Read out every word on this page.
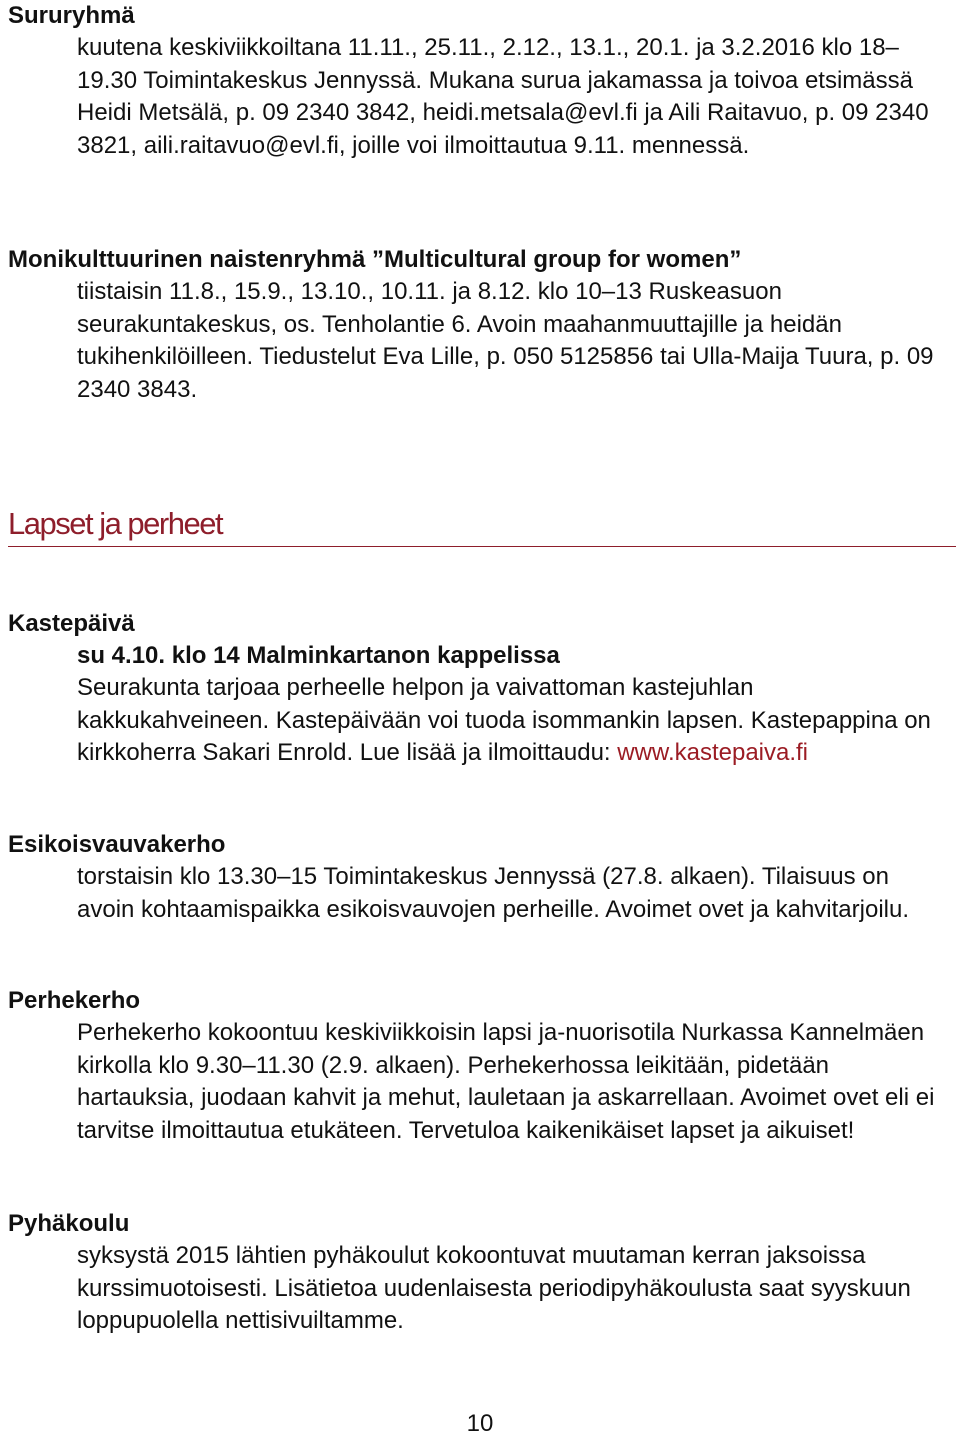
Sururyhmä

kuutena keskiviikkoiltana 11.11., 25.11., 2.12., 13.1., 20.1. ja 3.2.2016 klo 18–19.30 Toimintakeskus Jennyssä. Mukana surua jakamassa ja toivoa etsimässä Heidi Metsälä, p. 09 2340 3842, heidi.metsala@evl.fi ja Aili Raitavuo, p. 09 2340 3821, aili.raitavuo@evl.fi, joille voi ilmoittautua 9.11. mennessä.

Monikulttuurinen naistenryhmä ”Multicultural group for women”

tiistaisin 11.8., 15.9., 13.10., 10.11. ja 8.12. klo 10–13 Ruskeasuon seurakuntakeskus, os. Tenholantie 6. Avoin maahanmuuttajille ja heidän tukihenkilöilleen. Tiedustelut Eva Lille, p. 050 5125856 tai Ulla-Maija Tuura, p. 09 2340 3843.

Lapset ja perheet

Kastepäivä

su 4.10. klo 14 Malminkartanon kappelissa

Seurakunta tarjoaa perheelle helpon ja vaivattoman kastejuhlan kakkukahveineen. Kastepäivään voi tuoda isommankin lapsen. Kastepappina on kirkkoherra Sakari Enrold. Lue lisää ja ilmoittaudu: www.kastepaiva.fi

Esikoisvauvakerho

torstaisin klo 13.30–15 Toimintakeskus Jennyssä (27.8. alkaen). Tilaisuus on avoin kohtaamispaikka esikoisvauvojen perheille. Avoimet ovet ja kahvitarjoilu.

Perhekerho

Perhekerho kokoontuu keskiviikkoisin lapsi ja-nuorisotila Nurkassa Kannelmäen kirkolla klo 9.30–11.30 (2.9. alkaen). Perhekerhossa leikitään, pidetään hartauksia, juodaan kahvit ja mehut, lauletaan ja askarrellaan. Avoimet ovet eli ei tarvitse ilmoittautua etukäteen. Tervetuloa kaikenikäiset lapset ja aikuiset!

Pyhäkoulu

syksystä 2015 lähtien pyhäkoulut kokoontuvat muutaman kerran jaksoissa kurssimuotoisesti. Lisätietoa uudenlaisesta periodipyhäkoulusta saat syyskuun loppupuolella nettisivuiltamme.

10
